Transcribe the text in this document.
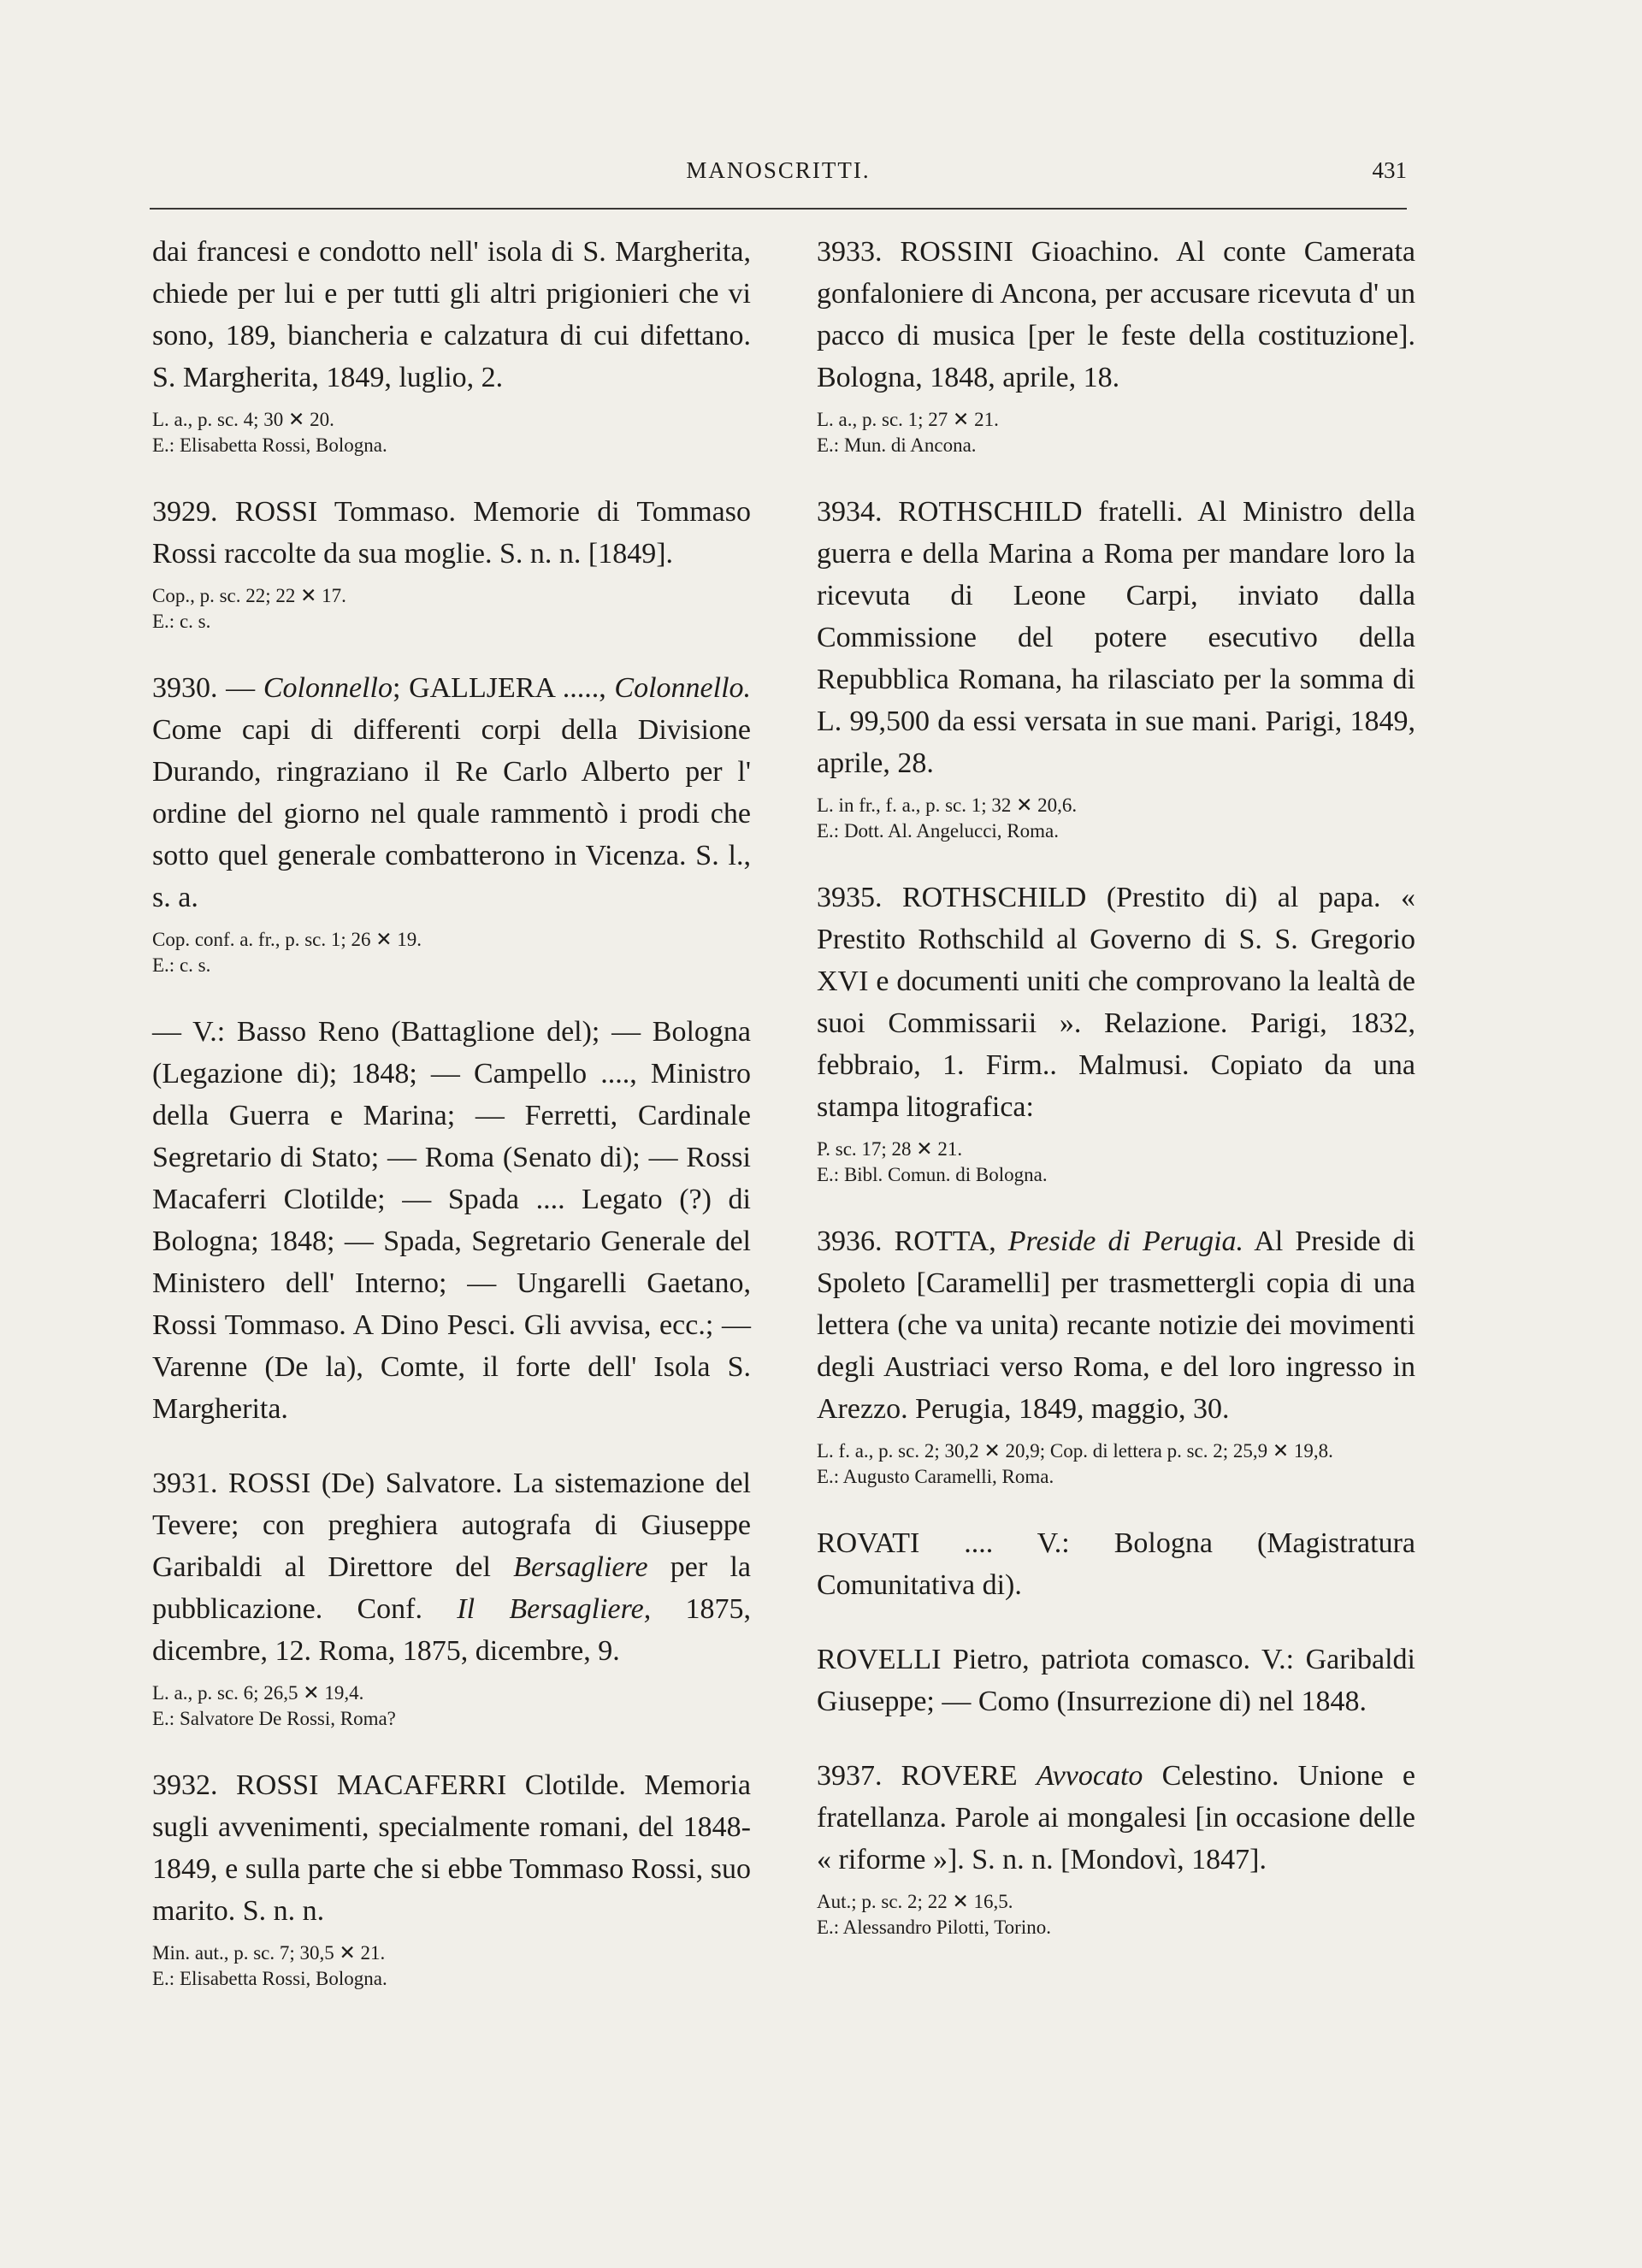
MANOSCRITTI.	431

dai francesi e condotto nell' isola di S. Margherita, chiede per lui e per tutti gli altri prigionieri che vi sono, 189, biancheria e calzatura di cui difettano. S. Margherita, 1849, luglio, 2.

L. a., p. sc. 4; 30 ✕ 20.
E.: Elisabetta Rossi, Bologna.

3929. ROSSI Tommaso. Memorie di Tommaso Rossi raccolte da sua moglie. S. n. n. [1849].

Cop., p. sc. 22; 22 ✕ 17.
E.: c. s.

3930. — Colonnello; GALLJERA ....., Colonnello. Come capi di differenti corpi della Divisione Durando, ringraziano il Re Carlo Alberto per l' ordine del giorno nel quale rammentò i prodi che sotto quel generale combatterono in Vicenza. S. l., s. a.

Cop. conf. a. fr., p. sc. 1; 26 ✕ 19.
E.: c. s.

— V.: Basso Reno (Battaglione del); — Bologna (Legazione di); 1848; — Campello ...., Ministro della Guerra e Marina; — Ferretti, Cardinale Segretario di Stato; — Roma (Senato di); — Rossi Macaferri Clotilde; — Spada .... Legato (?) di Bologna; 1848; — Spada, Segretario Generale del Ministero dell' Interno; — Ungarelli Gaetano, Rossi Tommaso. A Dino Pesci. Gli avvisa, ecc.; — Varenne (De la), Comte, il forte dell' Isola S. Margherita.

3931. ROSSI (De) Salvatore. La sistemazione del Tevere; con preghiera autografa di Giuseppe Garibaldi al Direttore del Bersagliere per la pubblicazione. Conf. Il Bersagliere, 1875, dicembre, 12. Roma, 1875, dicembre, 9.

L. a., p. sc. 6; 26,5 ✕ 19,4.
E.: Salvatore De Rossi, Roma?

3932. ROSSI MACAFERRI Clotilde. Memoria sugli avvenimenti, specialmente romani, del 1848-1849, e sulla parte che si ebbe Tommaso Rossi, suo marito. S. n. n.

Min. aut., p. sc. 7; 30,5 ✕ 21.
E.: Elisabetta Rossi, Bologna.

3933. ROSSINI Gioachino. Al conte Camerata gonfaloniere di Ancona, per accusare ricevuta d' un pacco di musica [per le feste della costituzione]. Bologna, 1848, aprile, 18.

L. a., p. sc. 1; 27 ✕ 21.
E.: Mun. di Ancona.

3934. ROTHSCHILD fratelli. Al Ministro della guerra e della Marina a Roma per mandare loro la ricevuta di Leone Carpi, inviato dalla Commissione del potere esecutivo della Repubblica Romana, ha rilasciato per la somma di L. 99,500 da essi versata in sue mani. Parigi, 1849, aprile, 28.

L. in fr., f. a., p. sc. 1; 32 ✕ 20,6.
E.: Dott. Al. Angelucci, Roma.

3935. ROTHSCHILD (Prestito di) al papa. « Prestito Rothschild al Governo di S. S. Gregorio XVI e documenti uniti che comprovano la lealtà de suoi Commissarii ». Relazione. Parigi, 1832, febbraio, 1. Firm.. Malmusi. Copiato da una stampa litografica:

P. sc. 17; 28 ✕ 21.
E.: Bibl. Comun. di Bologna.

3936. ROTTA, Preside di Perugia. Al Preside di Spoleto [Caramelli] per trasmettergli copia di una lettera (che va unita) recante notizie dei movimenti degli Austriaci verso Roma, e del loro ingresso in Arezzo. Perugia, 1849, maggio, 30.

L. f. a., p. sc. 2; 30,2 ✕ 20,9; Cop. di lettera p. sc. 2; 25,9 ✕ 19,8.
E.: Augusto Caramelli, Roma.

ROVATI .... V.: Bologna (Magistratura Comunitativa di).

ROVELLI Pietro, patriota comasco. V.: Garibaldi Giuseppe; — Como (Insurrezione di) nel 1848.

3937. ROVERE Avvocato Celestino. Unione e fratellanza. Parole ai mongalesi [in occasione delle « riforme »]. S. n. n. [Mondovì, 1847].

Aut.; p. sc. 2; 22 ✕ 16,5.
E.: Alessandro Pilotti, Torino.
